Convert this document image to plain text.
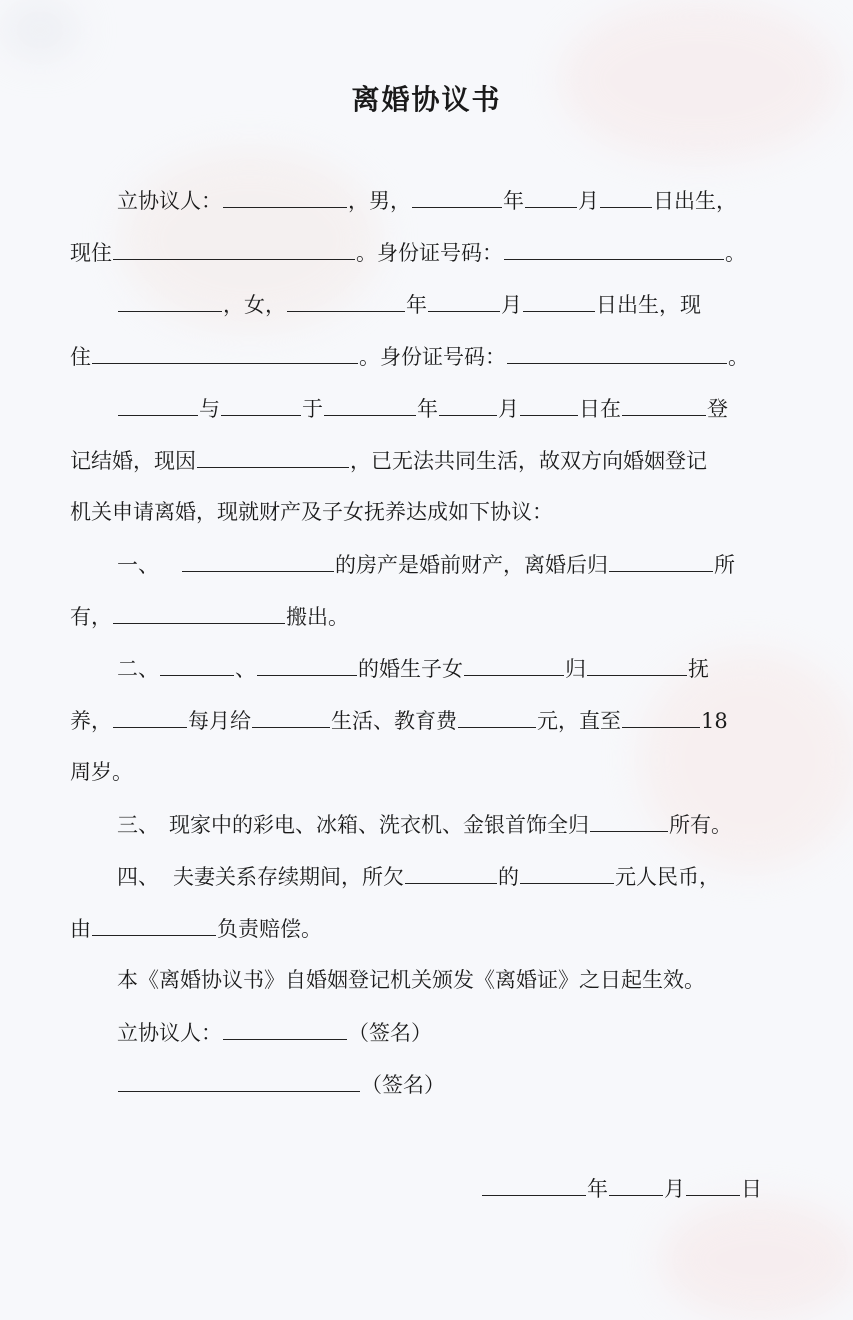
离婚协议书
立协议人：	，男，	年	月	日出生，
现住	。身份证号码：	。
，女，	年	月	日出生，现
住	。身份证号码：	。
与	于	年	月	日在	登
记结婚，现因	，已无法共同生活，故双方向婚姻登记
机关申请离婚，现就财产及子女抚养达成如下协议：
一、	的房产是婚前财产，离婚后归	所
有，	搬出。
二、	、	的婚生子女	归	抚
养，	每月给	生活、教育费	元，直至	18
周岁。
三、 现家中的彩电、冰箱、洗衣机、金银首饰全归	所有。
四、 夫妻关系存续期间，所欠	的	元人民币，
由	负责赔偿。
本《离婚协议书》自婚姻登记机关颁发《离婚证》之日起生效。
立协议人：	（签名）
（签名）
年	月	日
